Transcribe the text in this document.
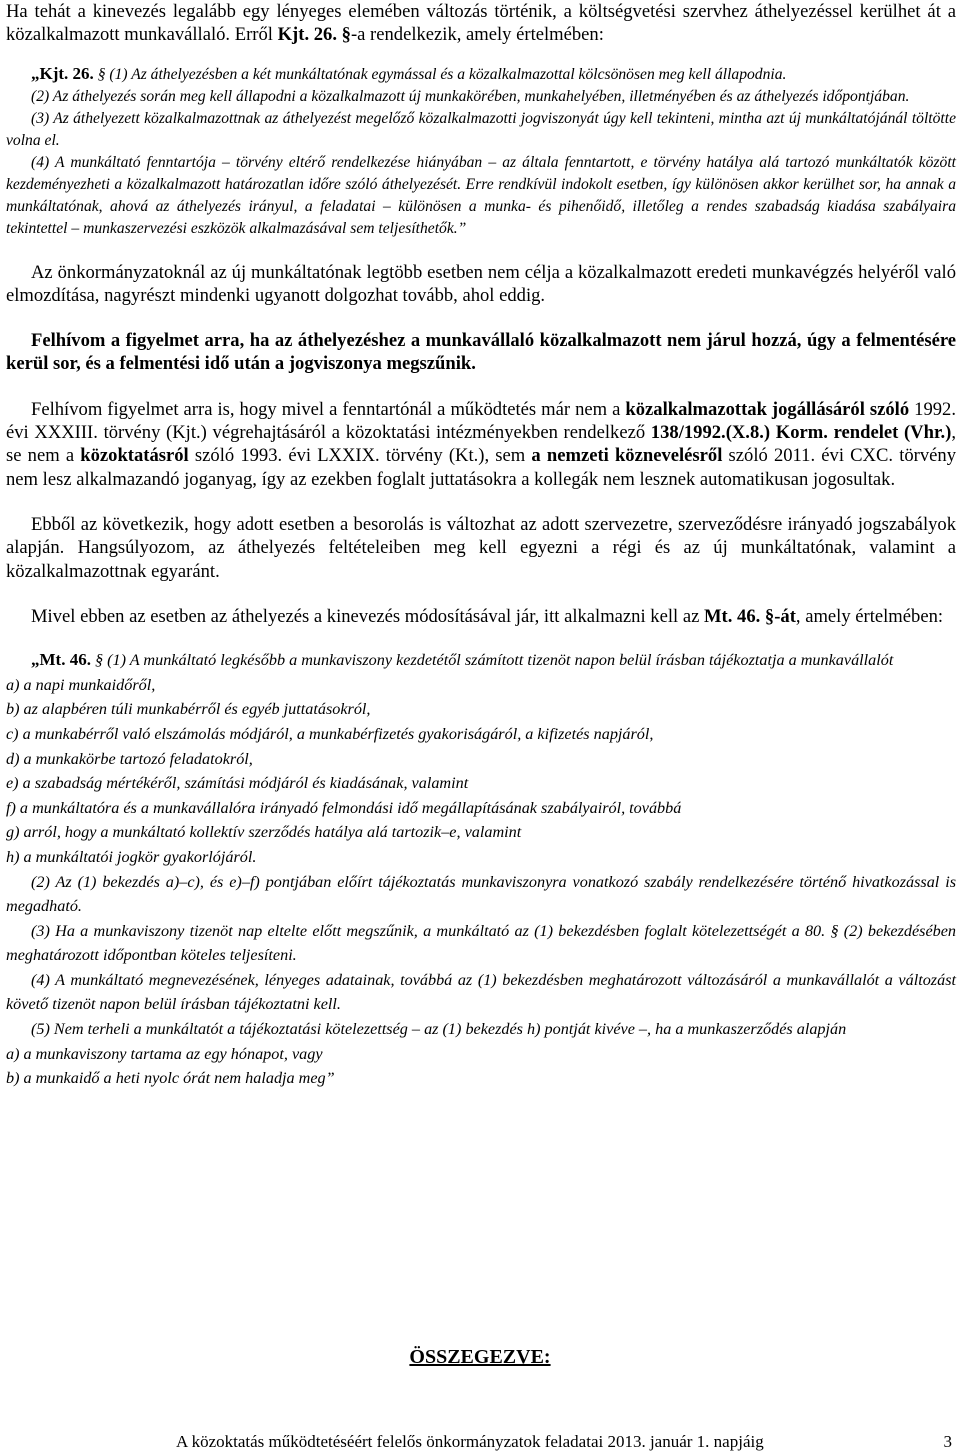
Ha tehát a kinevezés legalább egy lényeges elemében változás történik, a költségvetési szervhez áthelyezéssel kerülhet át a közalkalmazott munkavállaló. Erről Kjt. 26. §-a rendelkezik, amely értelmében:

„Kjt. 26. § (1) Az áthelyezésben a két munkáltatónak egymással és a közalkalmazottal kölcsönösen meg kell állapodnia.

(2) Az áthelyezés során meg kell állapodni a közalkalmazott új munkakörében, munkahelyében, illetményében és az áthelyezés időpontjában.

(3) Az áthelyezett közalkalmazottnak az áthelyezést megelőző közalkalmazotti jogviszonyát úgy kell tekinteni, mintha azt új munkáltatójánál töltötte volna el.

(4) A munkáltató fenntartója – törvény eltérő rendelkezése hiányában – az általa fenntartott, e törvény hatálya alá tartozó munkáltatók között kezdeményezheti a közalkalmazott határozatlan időre szóló áthelyezését. Erre rendkívül indokolt esetben, így különösen akkor kerülhet sor, ha annak a munkáltatónak, ahová az áthelyezés irányul, a feladatai – különösen a munka- és pihenőidő, illetőleg a rendes szabadság kiadása szabályaira tekintettel – munkaszervezési eszközök alkalmazásával sem teljesíthetők.”

Az önkormányzatoknál az új munkáltatónak legtöbb esetben nem célja a közalkalmazott eredeti munkavégzés helyéről való elmozdítása, nagyrészt mindenki ugyanott dolgozhat tovább, ahol eddig.

Felhívom a figyelmet arra, ha az áthelyezéshez a munkavállaló közalkalmazott nem járul hozzá, úgy a felmentésére kerül sor, és a felmentési idő után a jogviszonya megszűnik.

Felhívom figyelmet arra is, hogy mivel a fenntartónál a működtetés már nem a közalkalmazottak jogállásáról szóló 1992. évi XXXIII. törvény (Kjt.) végrehajtásáról a közoktatási intézményekben rendelkező 138/1992.(X.8.) Korm. rendelet (Vhr.), se nem a közoktatásról szóló 1993. évi LXXIX. törvény (Kt.), sem a nemzeti köznevelésről szóló 2011. évi CXC. törvény nem lesz alkalmazandó joganyag, így az ezekben foglalt juttatásokra a kollegák nem lesznek automatikusan jogosultak.

Ebből az következik, hogy adott esetben a besorolás is változhat az adott szervezetre, szerveződésre irányadó jogszabályok alapján. Hangsúlyozom, az áthelyezés feltételeiben meg kell egyezni a régi és az új munkáltatónak, valamint a közalkalmazottnak egyaránt.

Mivel ebben az esetben az áthelyezés a kinevezés módosításával jár, itt alkalmazni kell az Mt. 46. §-át, amely értelmében:

„Mt. 46. § (1) A munkáltató legkésőbb a munkaviszony kezdetétől számított tizenöt napon belül írásban tájékoztatja a munkavállalót

a) a napi munkaidőről,

b) az alapbéren túli munkabérről és egyéb juttatásokról,

c) a munkabérről való elszámolás módjáról, a munkabérfizetés gyakoriságáról, a kifizetés napjáról,

d) a munkakörbe tartozó feladatokról,

e) a szabadság mértékéről, számítási módjáról és kiadásának, valamint

f) a munkáltatóra és a munkavállalóra irányadó felmondási idő megállapításának szabályairól, továbbá

g) arról, hogy a munkáltató kollektív szerződés hatálya alá tartozik–e, valamint

h) a munkáltatói jogkör gyakorlójáról.

(2) Az (1) bekezdés a)–c), és e)–f) pontjában előírt tájékoztatás munkaviszonyra vonatkozó szabály rendelkezésére történő hivatkozással is megadható.

(3) Ha a munkaviszony tizenöt nap eltelte előtt megszűnik, a munkáltató az (1) bekezdésben foglalt kötelezettségét a 80. § (2) bekezdésében meghatározott időpontban köteles teljesíteni.

(4) A munkáltató megnevezésének, lényeges adatainak, továbbá az (1) bekezdésben meghatározott változásáról a munkavállalót a változást követő tizenöt napon belül írásban tájékoztatni kell.

(5) Nem terheli a munkáltatót a tájékoztatási kötelezettség – az (1) bekezdés h) pontját kivéve –, ha a munkaszerződés alapján

a) a munkaviszony tartama az egy hónapot, vagy

b) a munkaidő a heti nyolc órát nem haladja meg”

ÖSSZEGEZVE:
A közoktatás működtetéséért felelős önkormányzatok feladatai 2013. január 1. napjáig	3
